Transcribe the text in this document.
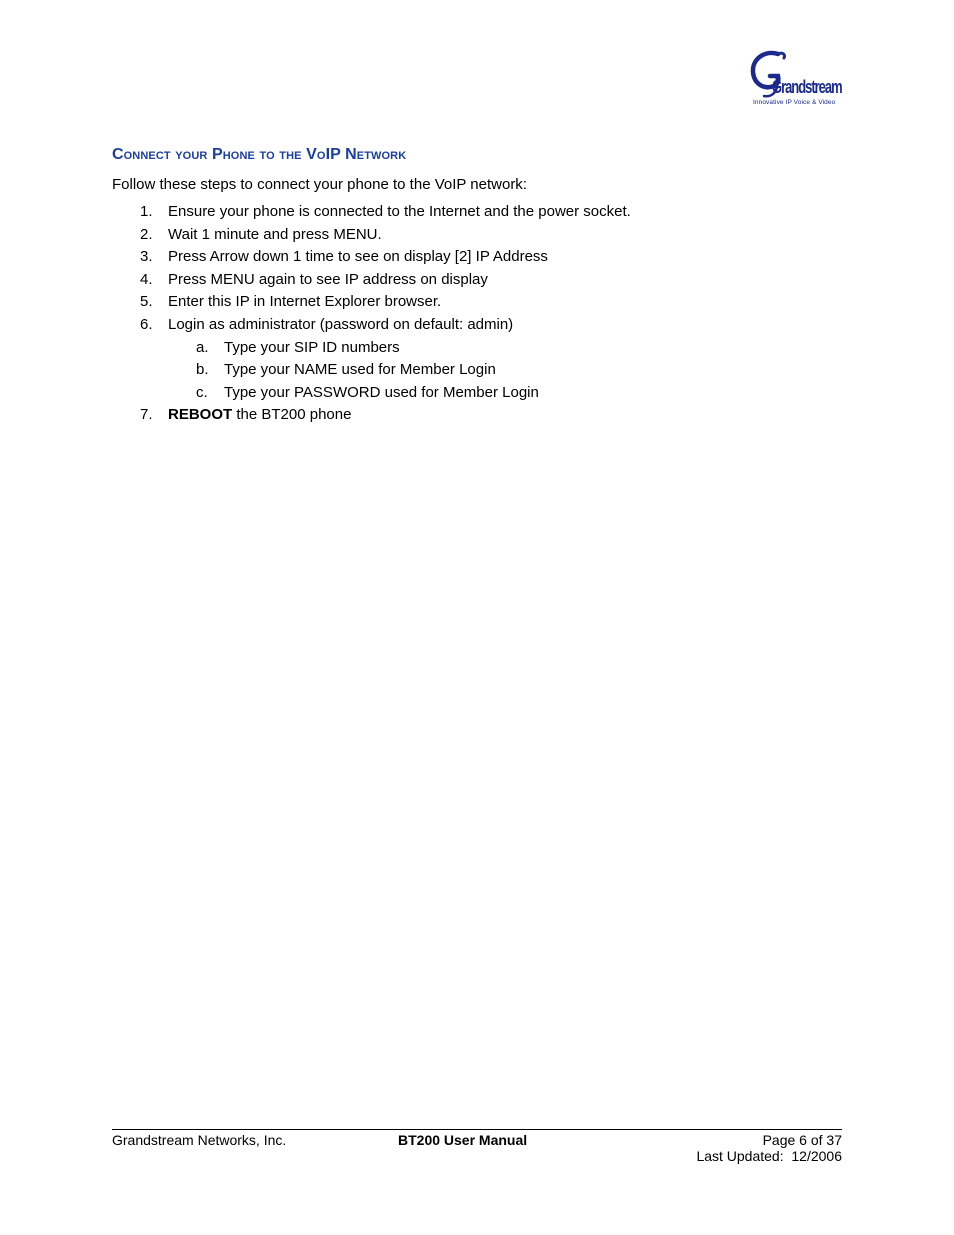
Grandstream
Innovative IP Voice & Video
Connect your Phone to the VoIP Network
Follow these steps to connect your phone to the VoIP network:
1. Ensure your phone is connected to the Internet and the power socket.
2. Wait 1 minute and press MENU.
3. Press Arrow down 1 time to see on display [2] IP Address
4. Press MENU again to see IP address on display
5. Enter this IP in Internet Explorer browser.
6. Login as administrator (password on default: admin)
a. Type your SIP ID numbers
b. Type your NAME used for Member Login
c. Type your PASSWORD used for Member Login
7. REBOOT the BT200 phone
Grandstream Networks, Inc.	BT200 User Manual	Page 6 of 37
Last Updated:  12/2006
